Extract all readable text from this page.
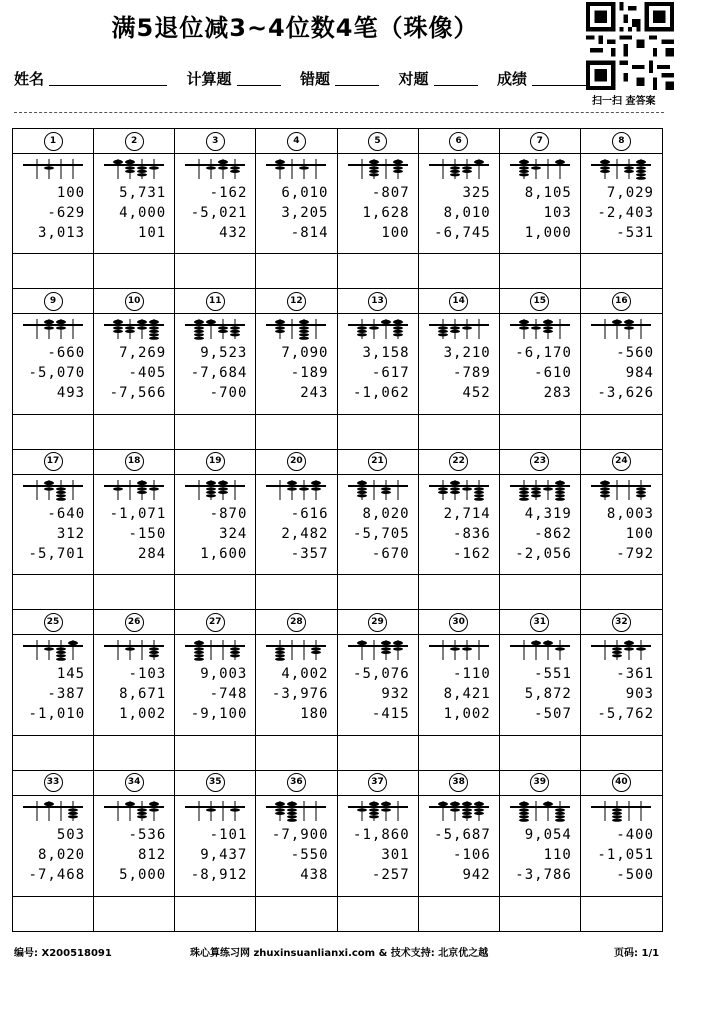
满5退位减3~4位数4笔（珠像）
扫一扫 查答案
姓名	计算题	错题	对题	成绩
1
100
-629
3,013
2
5,731
4,000
101
3
-162
-5,021
432
4
6,010
3,205
-814
5
-807
1,628
100
6
325
8,010
-6,745
7
8,105
103
1,000
8
7,029
-2,403
-531
9
-660
-5,070
493
10
7,269
-405
-7,566
11
9,523
-7,684
-700
12
7,090
-189
243
13
3,158
-617
-1,062
14
3,210
-789
452
15
-6,170
-610
283
16
-560
984
-3,626
17
-640
312
-5,701
18
-1,071
-150
284
19
-870
324
1,600
20
-616
2,482
-357
21
8,020
-5,705
-670
22
2,714
-836
-162
23
4,319
-862
-2,056
24
8,003
100
-792
25
145
-387
-1,010
26
-103
8,671
1,002
27
9,003
-748
-9,100
28
4,002
-3,976
180
29
-5,076
932
-415
30
-110
8,421
1,002
31
-551
5,872
-507
32
-361
903
-5,762
33
503
8,020
-7,468
34
-536
812
5,000
35
-101
9,437
-8,912
36
-7,900
-550
438
37
-1,860
301
-257
38
-5,687
-106
942
39
9,054
110
-3,786
40
-400
-1,051
-500
编号: X200518091	珠心算练习网 zhuxinsuanlianxi.com & 技术支持: 北京优之越	页码: 1/1
